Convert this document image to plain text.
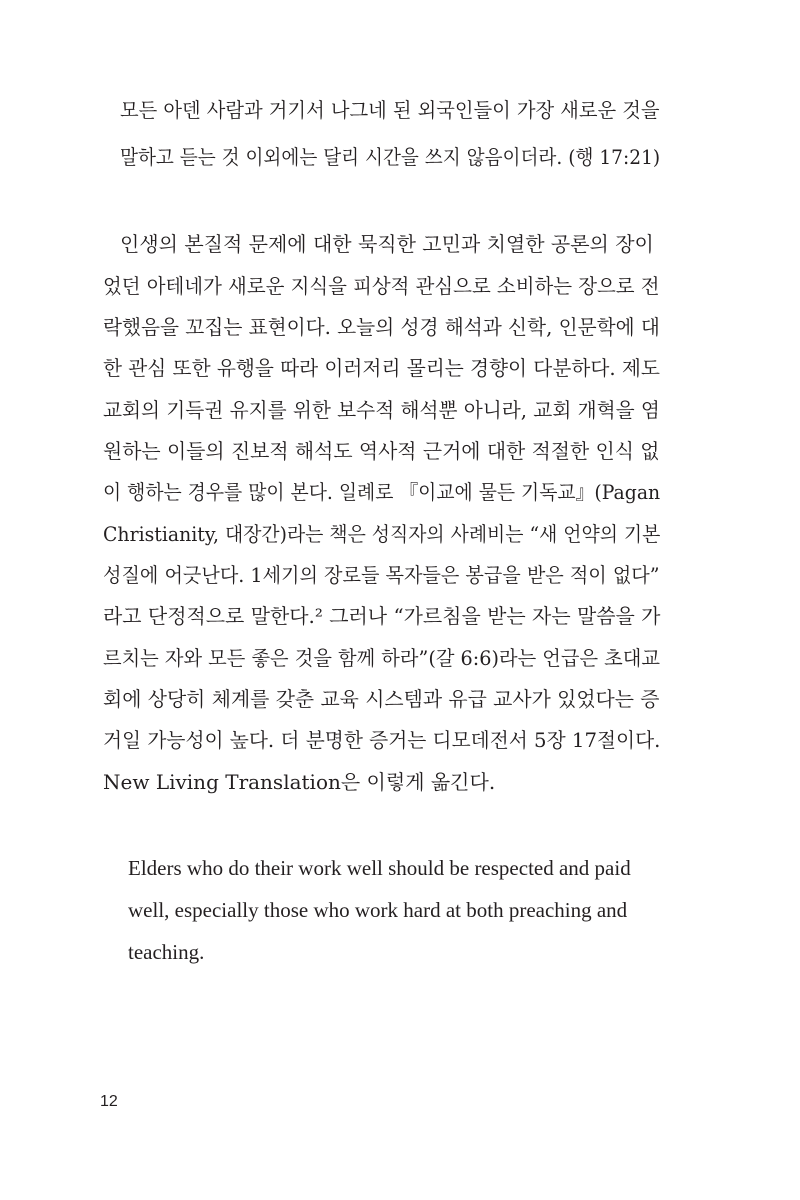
모든 아덴 사람과 거기서 나그네 된 외국인들이 가장 새로운 것을
말하고 듣는 것 이외에는 달리 시간을 쓰지 않음이더라. (행 17:21)
인생의 본질적 문제에 대한 묵직한 고민과 치열한 공론의 장이
었던 아테네가 새로운 지식을 피상적 관심으로 소비하는 장으로 전
락했음을 꼬집는 표현이다. 오늘의 성경 해석과 신학, 인문학에 대
한 관심 또한 유행을 따라 이러저리 몰리는 경향이 다분하다. 제도
교회의 기득권 유지를 위한 보수적 해석뿐 아니라, 교회 개혁을 염
원하는 이들의 진보적 해석도 역사적 근거에 대한 적절한 인식 없
이 행하는 경우를 많이 본다. 일례로 『이교에 물든 기독교』(Pagan
Christianity, 대장간)라는 책은 성직자의 사례비는 “새 언약의 기본
성질에 어긋난다. 1세기의 장로들 목자들은 봉급을 받은 적이 없다”
라고 단정적으로 말한다.² 그러나 “가르침을 받는 자는 말씀을 가
르치는 자와 모든 좋은 것을 함께 하라”(갈 6:6)라는 언급은 초대교
회에 상당히 체계를 갖춘 교육 시스템과 유급 교사가 있었다는 증
거일 가능성이 높다. 더 분명한 증거는 디모데전서 5장 17절이다.
New Living Translation은 이렇게 옮긴다.
Elders who do their work well should be respected and paid
well, especially those who work hard at both preaching and
teaching.
12
